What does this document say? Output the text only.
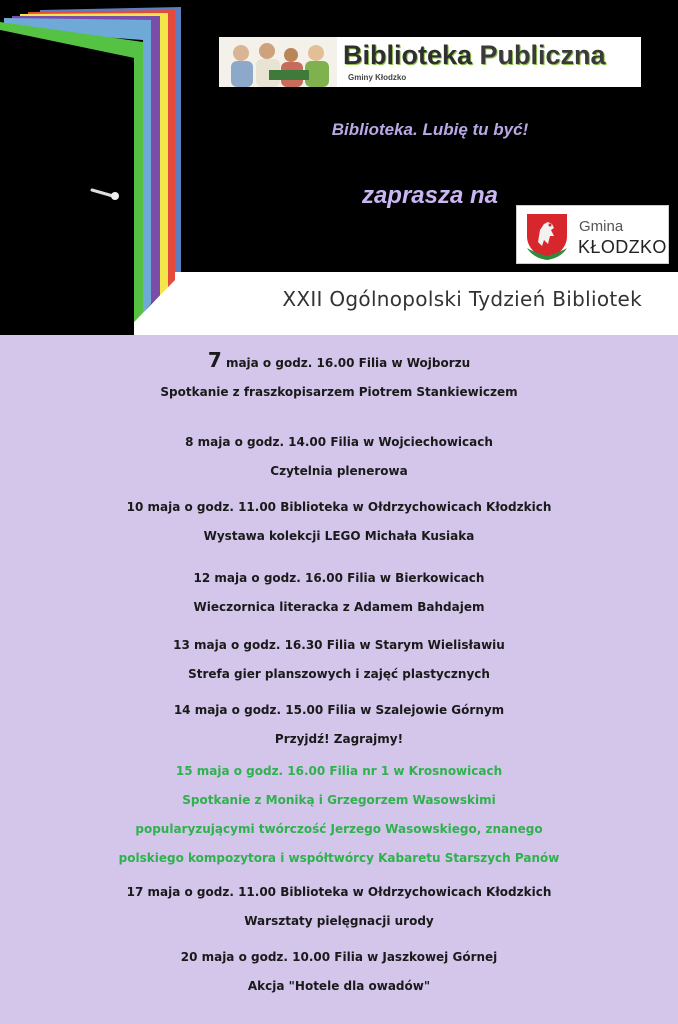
XXII Ogólnopolski Tydzień Bibliotek
Biblioteka Publiczna
Gminy Kłodzko
Biblioteka. Lubię tu być!
zaprasza na
Gmina
KŁODZKO
7 maja o godz. 16.00 Filia w Wojborzu
Spotkanie z fraszkopisarzem Piotrem Stankiewiczem
8 maja o godz. 14.00 Filia w Wojciechowicach
Czytelnia plenerowa
10 maja o godz. 11.00 Biblioteka w Ołdrzychowicach Kłodzkich
Wystawa kolekcji LEGO Michała Kusiaka
12 maja o godz. 16.00 Filia w Bierkowicach
Wieczornica literacka z Adamem Bahdajem
13 maja o godz. 16.30 Filia w Starym Wielisławiu
Strefa gier planszowych i zajęć plastycznych
14 maja o godz. 15.00 Filia w Szalejowie Górnym
Przyjdź! Zagrajmy!
15 maja o godz. 16.00 Filia nr 1 w Krosnowicach
Spotkanie z Moniką i Grzegorzem Wasowskimi
popularyzującymi twórczość Jerzego Wasowskiego, znanego
polskiego kompozytora i współtwórcy Kabaretu Starszych Panów
17 maja o godz. 11.00 Biblioteka w Ołdrzychowicach Kłodzkich
Warsztaty pielęgnacji urody
20 maja o godz. 10.00 Filia w Jaszkowej Górnej
Akcja "Hotele dla owadów"
